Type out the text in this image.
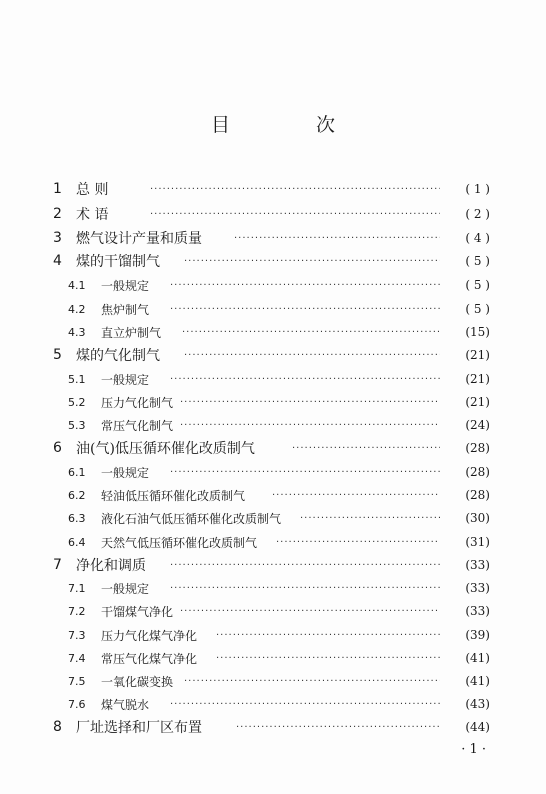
目 次
1 总 则 ·····	( 1 )
2 术 语 ·····	( 2 )
3 燃气设计产量和质量 ·····	( 4 )
4 煤的干馏制气 ·····	( 5 )
4.1 一般规定 ·····	( 5 )
4.2 焦炉制气 ·····	( 5 )
4.3 直立炉制气 ·····	(15)
5 煤的气化制气 ·····	(21)
5.1 一般规定 ·····	(21)
5.2 压力气化制气 ·····	(21)
5.3 常压气化制气 ·····	(24)
6 油(气)低压循环催化改质制气 ·····	(28)
6.1 一般规定 ·····	(28)
6.2 轻油低压循环催化改质制气 ·····	(28)
6.3 液化石油气低压循环催化改质制气 ·····	(30)
6.4 天然气低压循环催化改质制气 ·····	(31)
7 净化和调质 ·····	(33)
7.1 一般规定 ·····	(33)
7.2 干馏煤气净化 ·····	(33)
7.3 压力气化煤气净化 ·····	(39)
7.4 常压气化煤气净化 ·····	(41)
7.5 一氧化碳变换 ·····	(41)
7.6 煤气脱水 ·····	(43)
8 厂址选择和厂区布置 ·····	(44)
· 1 ·
